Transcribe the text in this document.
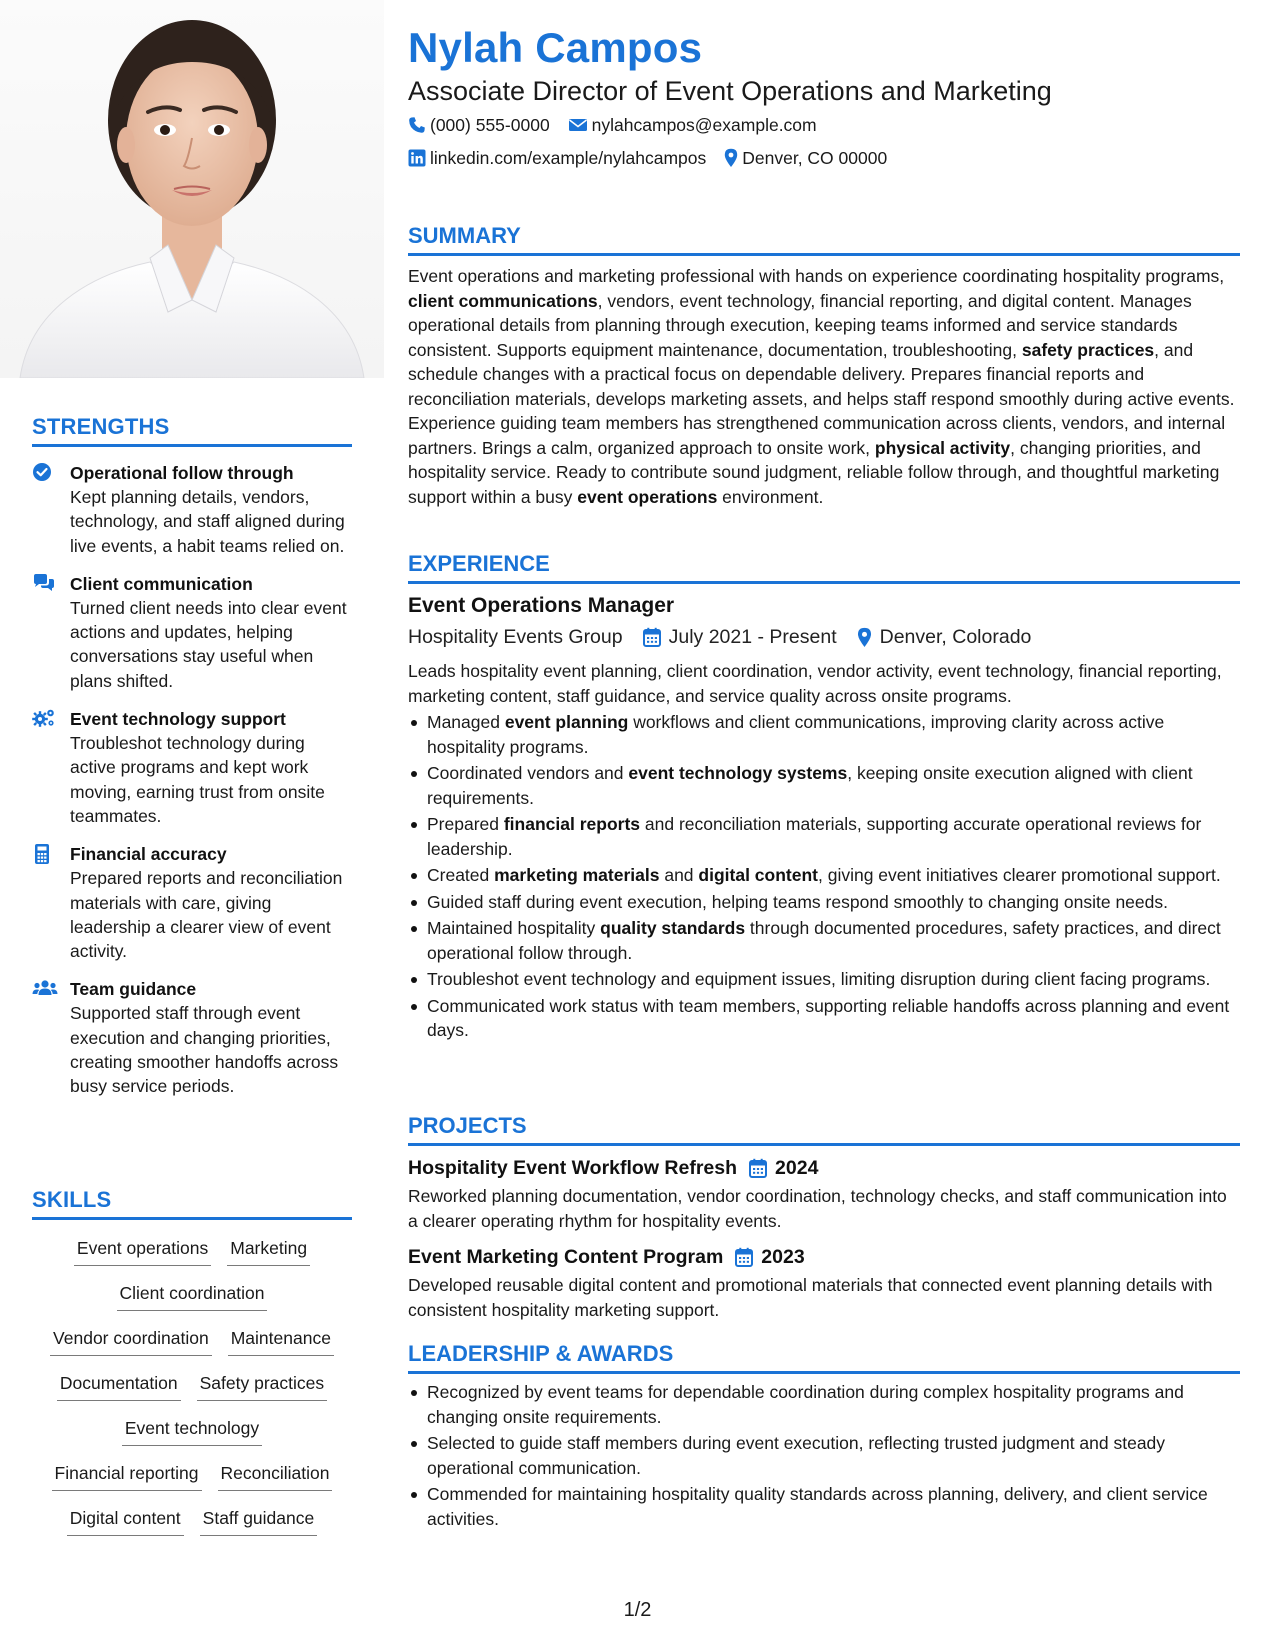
STRENGTHS
Operational follow through
Kept planning details, vendors, technology, and staff aligned during live events, a habit teams relied on.
Client communication
Turned client needs into clear event actions and updates, helping conversations stay useful when plans shifted.
Event technology support
Troubleshot technology during active programs and kept work moving, earning trust from onsite teammates.
Financial accuracy
Prepared reports and reconciliation materials with care, giving leadership a clearer view of event activity.
Team guidance
Supported staff through event execution and changing priorities, creating smoother handoffs across busy service periods.
SKILLS
Event operations Marketing
Client coordination
Vendor coordination Maintenance
Documentation Safety practices
Event technology
Financial reporting Reconciliation
Digital content Staff guidance
Nylah Campos
Associate Director of Event Operations and Marketing
(000) 555-0000 nylahcampos@example.com
linkedin.com/example/nylahcampos Denver, CO 00000
SUMMARY
Event operations and marketing professional with hands on experience coordinating hospitality programs, client communications, vendors, event technology, financial reporting, and digital content. Manages operational details from planning through execution, keeping teams informed and service standards consistent. Supports equipment maintenance, documentation, troubleshooting, safety practices, and schedule changes with a practical focus on dependable delivery. Prepares financial reports and reconciliation materials, develops marketing assets, and helps staff respond smoothly during active events. Experience guiding team members has strengthened communication across clients, vendors, and internal partners. Brings a calm, organized approach to onsite work, physical activity, changing priorities, and hospitality service. Ready to contribute sound judgment, reliable follow through, and thoughtful marketing support within a busy event operations environment.
EXPERIENCE
Event Operations Manager
Hospitality Events Group July 2021 - Present Denver, Colorado
Leads hospitality event planning, client coordination, vendor activity, event technology, financial reporting, marketing content, staff guidance, and service quality across onsite programs.
Managed event planning workflows and client communications, improving clarity across active hospitality programs.
Coordinated vendors and event technology systems, keeping onsite execution aligned with client requirements.
Prepared financial reports and reconciliation materials, supporting accurate operational reviews for leadership.
Created marketing materials and digital content, giving event initiatives clearer promotional support.
Guided staff during event execution, helping teams respond smoothly to changing onsite needs.
Maintained hospitality quality standards through documented procedures, safety practices, and direct operational follow through.
Troubleshot event technology and equipment issues, limiting disruption during client facing programs.
Communicated work status with team members, supporting reliable handoffs across planning and event days.
PROJECTS
Hospitality Event Workflow Refresh 2024
Reworked planning documentation, vendor coordination, technology checks, and staff communication into a clearer operating rhythm for hospitality events.
Event Marketing Content Program 2023
Developed reusable digital content and promotional materials that connected event planning details with consistent hospitality marketing support.
LEADERSHIP & AWARDS
Recognized by event teams for dependable coordination during complex hospitality programs and changing onsite requirements.
Selected to guide staff members during event execution, reflecting trusted judgment and steady operational communication.
Commended for maintaining hospitality quality standards across planning, delivery, and client service activities.
1/2
